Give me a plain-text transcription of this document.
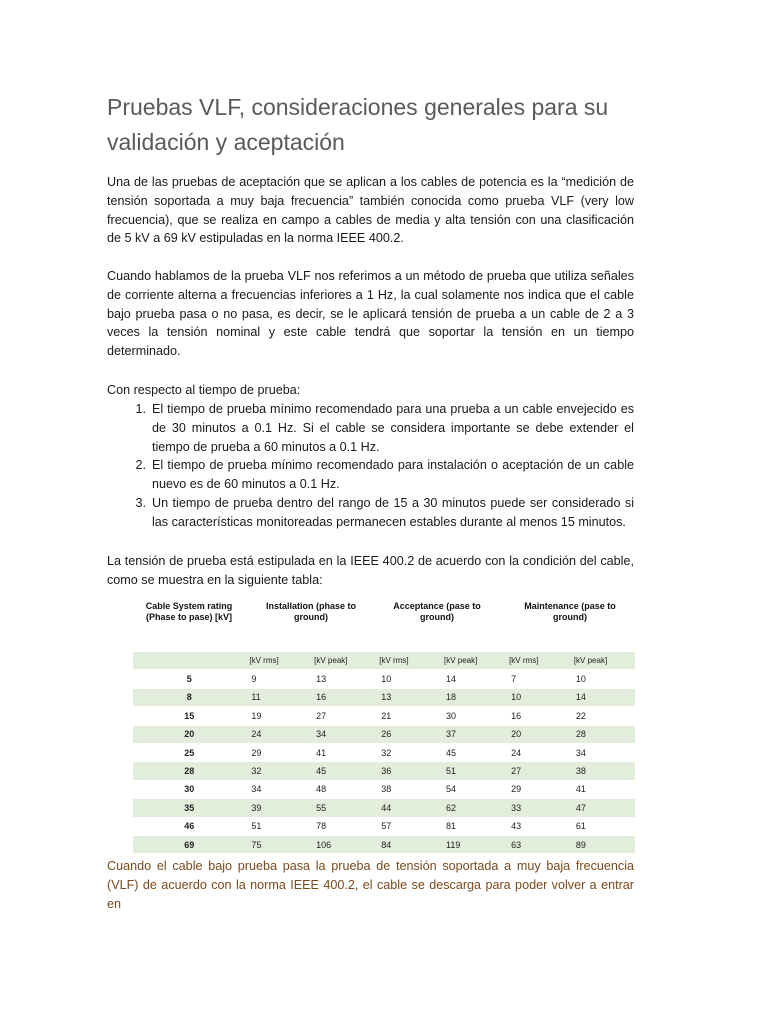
Pruebas VLF, consideraciones generales para su validación y aceptación

Una de las pruebas de aceptación que se aplican a los cables de potencia es la “medición de tensión soportada a muy baja frecuencia” también conocida como prueba VLF (very low frecuencia), que se realiza en campo a cables de media y alta tensión con una clasificación de 5 kV a 69 kV estipuladas en la norma IEEE 400.2.

Cuando hablamos de la prueba VLF nos referimos a un método de prueba que utiliza señales de corriente alterna a frecuencias inferiores a 1 Hz, la cual solamente nos indica que el cable bajo prueba pasa o no pasa, es decir, se le aplicará tensión de prueba a un cable de 2 a 3 veces la tensión nominal y este cable tendrá que soportar la tensión en un tiempo determinado.

Con respecto al tiempo de prueba:

1. El tiempo de prueba mínimo recomendado para una prueba a un cable envejecido es de 30 minutos a 0.1 Hz. Si el cable se considera importante se debe extender el tiempo de prueba a 60 minutos a 0.1 Hz.
2. El tiempo de prueba mínimo recomendado para instalación o aceptación de un cable nuevo es de 60 minutos a 0.1 Hz.
3. Un tiempo de prueba dentro del rango de 15 a 30 minutos puede ser considerado si las características monitoreadas permanecen estables durante al menos 15 minutos.

La tensión de prueba está estipulada en la IEEE 400.2 de acuerdo con la condición del cable, como se muestra en la siguiente tabla:

Cable System rating (Phase to pase) [kV]
Installation (phase to ground)
Acceptance (pase to ground)
Maintenance (pase to ground)
	[kV rms]	[kV peak]	[kV rms]	[kV peak]	[kV rms]	[kV peak]
5	9	13	10	14	7	10
8	11	16	13	18	10	14
15	19	27	21	30	16	22
20	24	34	26	37	20	28
25	29	41	32	45	24	34
28	32	45	36	51	27	38
30	34	48	38	54	29	41
35	39	55	44	62	33	47
46	51	78	57	81	43	61
69	75	106	84	119	63	89

Cuando el cable bajo prueba pasa la prueba de tensión soportada a muy baja frecuencia (VLF) de acuerdo con la norma IEEE 400.2, el cable se descarga para poder volver a entrar en
